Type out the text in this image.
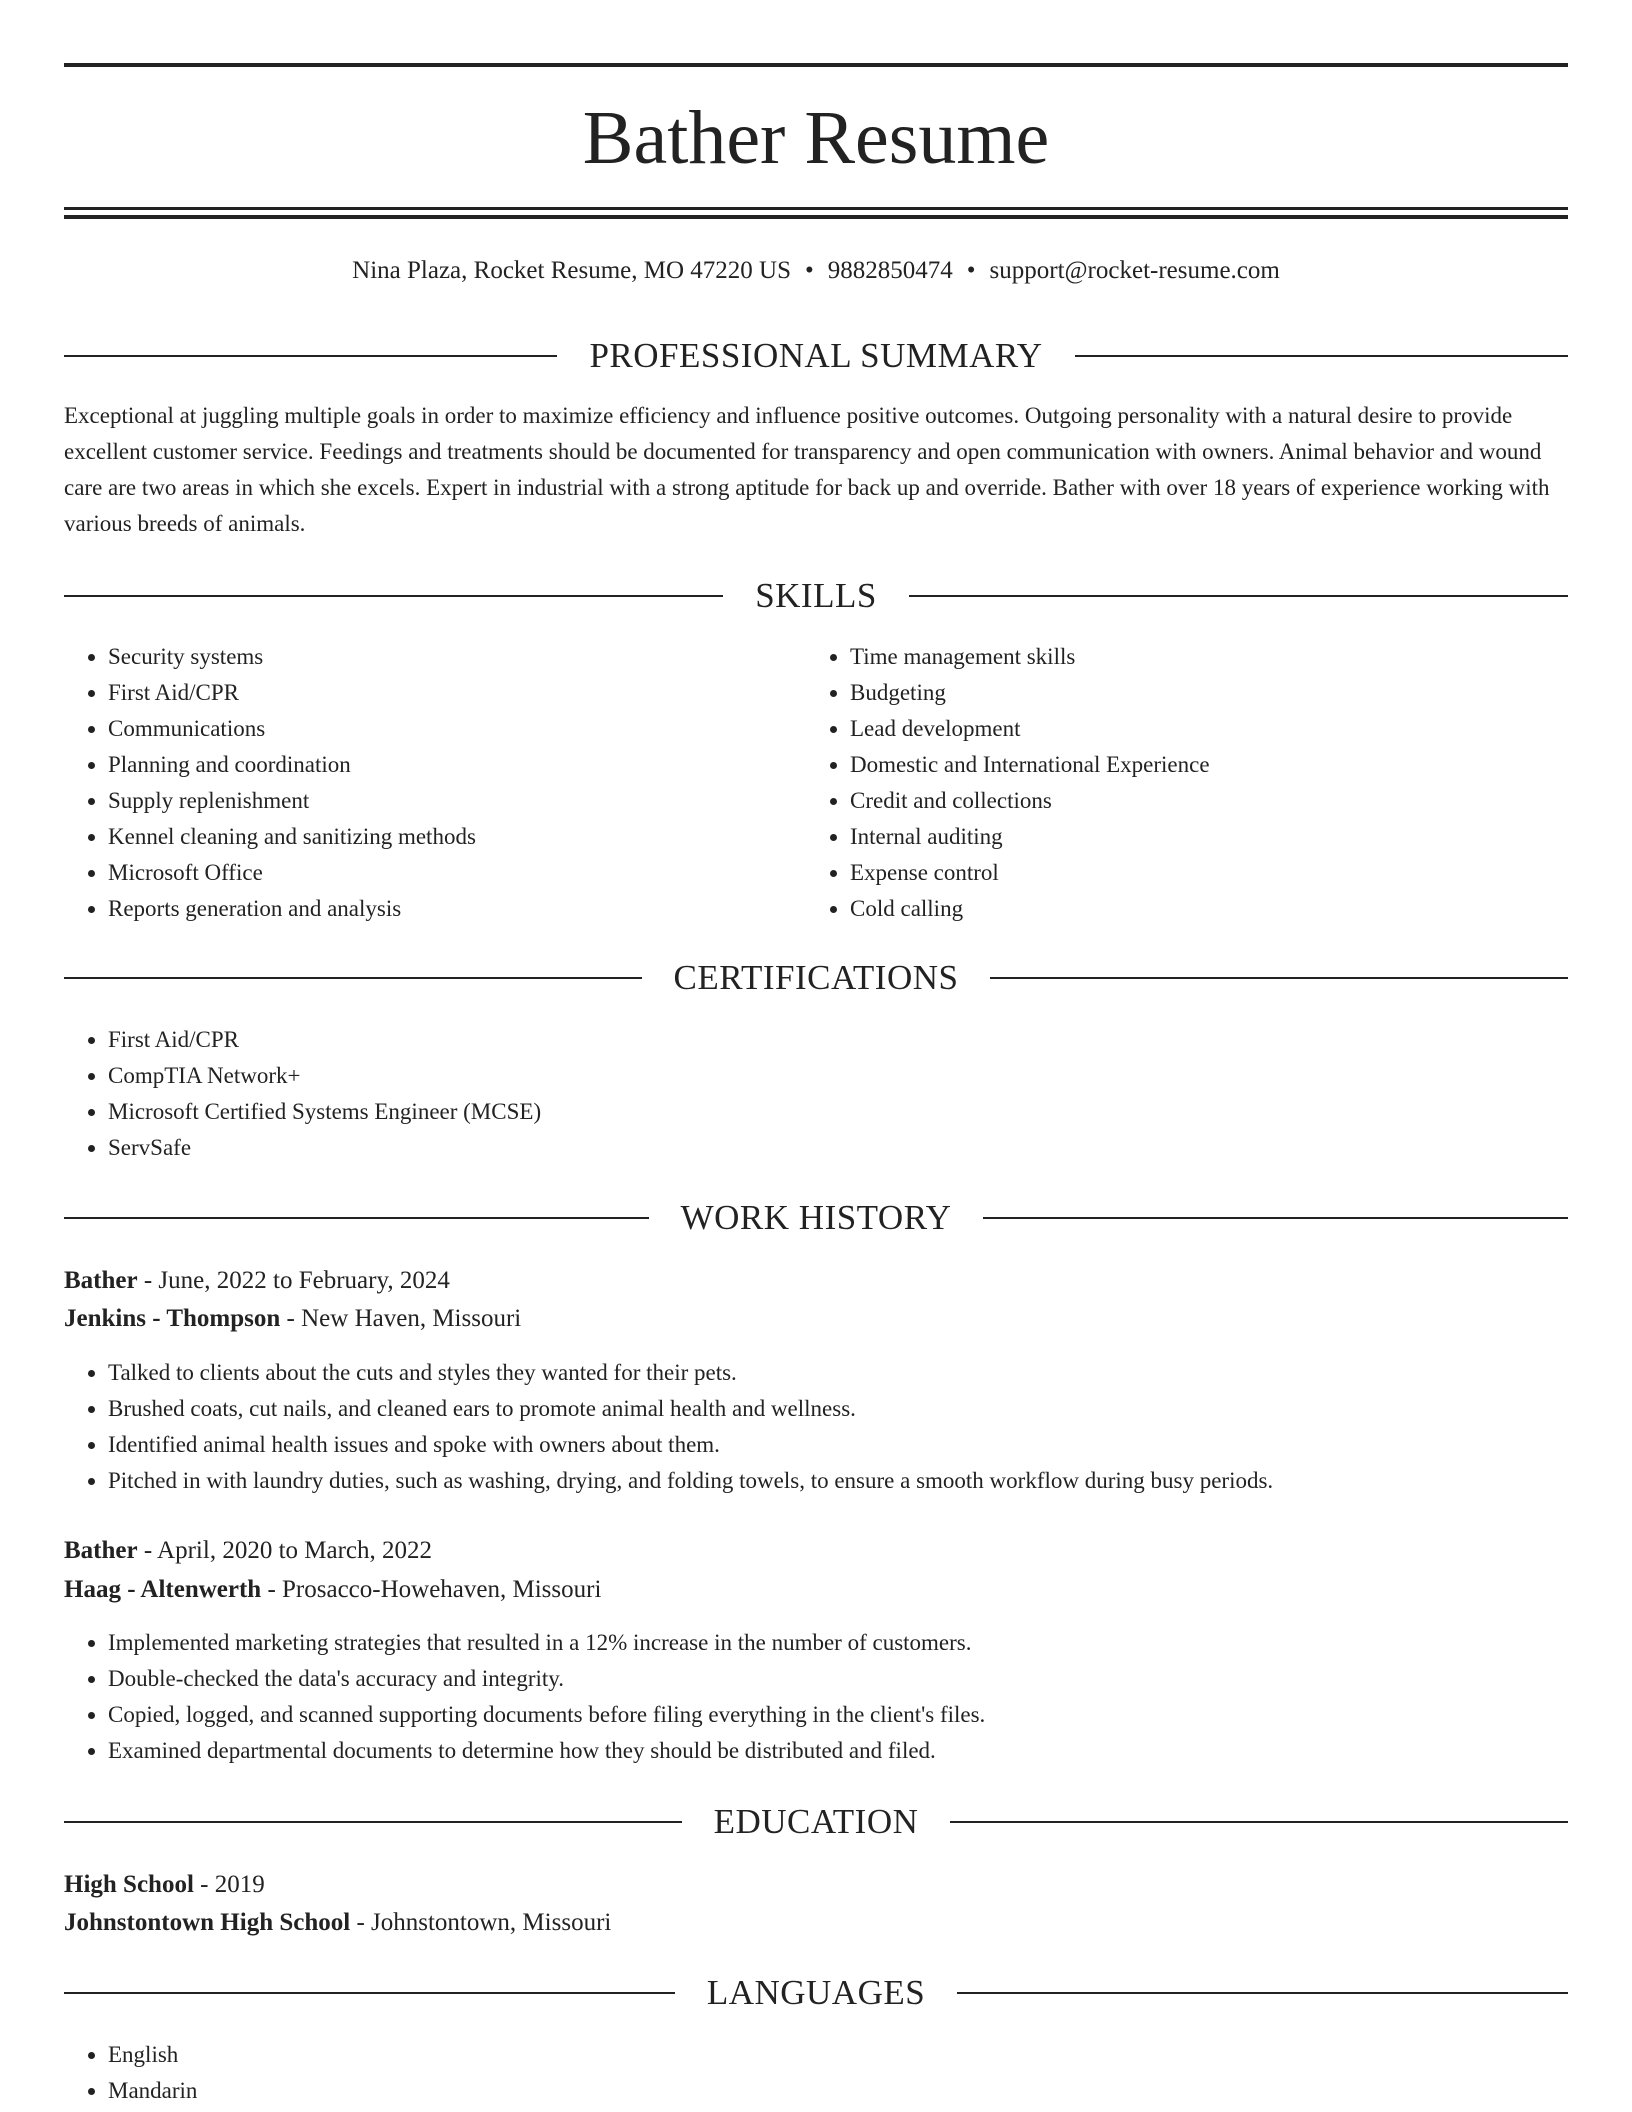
Bather Resume
Nina Plaza, Rocket Resume, MO 47220 US • 9882850474 • support@rocket-resume.com
PROFESSIONAL SUMMARY

Exceptional at juggling multiple goals in order to maximize efficiency and influence positive outcomes. Outgoing personality with a natural desire to provide excellent customer service. Feedings and treatments should be documented for transparency and open communication with owners. Animal behavior and wound care are two areas in which she excels. Expert in industrial with a strong aptitude for back up and override. Bather with over 18 years of experience working with various breeds of animals.

SKILLS
• Security systems
• First Aid/CPR
• Communications
• Planning and coordination
• Supply replenishment
• Kennel cleaning and sanitizing methods
• Microsoft Office
• Reports generation and analysis
• Time management skills
• Budgeting
• Lead development
• Domestic and International Experience
• Credit and collections
• Internal auditing
• Expense control
• Cold calling
CERTIFICATIONS
• First Aid/CPR
• CompTIA Network+
• Microsoft Certified Systems Engineer (MCSE)
• ServSafe
WORK HISTORY
Bather - June, 2022 to February, 2024
Jenkins - Thompson - New Haven, Missouri
• Talked to clients about the cuts and styles they wanted for their pets.
• Brushed coats, cut nails, and cleaned ears to promote animal health and wellness.
• Identified animal health issues and spoke with owners about them.
• Pitched in with laundry duties, such as washing, drying, and folding towels, to ensure a smooth workflow during busy periods.
Bather - April, 2020 to March, 2022
Haag - Altenwerth - Prosacco-Howehaven, Missouri
• Implemented marketing strategies that resulted in a 12% increase in the number of customers.
• Double-checked the data's accuracy and integrity.
• Copied, logged, and scanned supporting documents before filing everything in the client's files.
• Examined departmental documents to determine how they should be distributed and filed.
EDUCATION
High School - 2019
Johnstontown High School - Johnstontown, Missouri
LANGUAGES
• English
• Mandarin
